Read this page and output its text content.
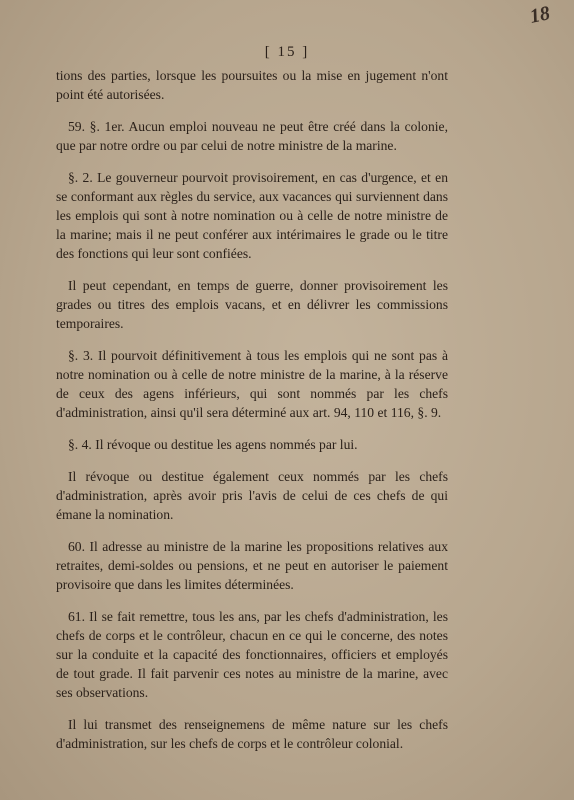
18
[ 15 ]

tions des parties, lorsque les poursuites ou la mise en jugement n'ont point été autorisées.

59. §. 1er. Aucun emploi nouveau ne peut être créé dans la colonie, que par notre ordre ou par celui de notre ministre de la marine.

§. 2. Le gouverneur pourvoit provisoirement, en cas d'urgence, et en se conformant aux règles du service, aux vacances qui surviennent dans les emplois qui sont à notre nomination ou à celle de notre ministre de la marine; mais il ne peut conférer aux intérimaires le grade ou le titre des fonctions qui leur sont confiées.

Il peut cependant, en temps de guerre, donner provisoirement les grades ou titres des emplois vacans, et en délivrer les commissions temporaires.

§. 3. Il pourvoit définitivement à tous les emplois qui ne sont pas à notre nomination ou à celle de notre ministre de la marine, à la réserve de ceux des agens inférieurs, qui sont nommés par les chefs d'administration, ainsi qu'il sera déterminé aux art. 94, 110 et 116, §. 9.

§. 4. Il révoque ou destitue les agens nommés par lui.

Il révoque ou destitue également ceux nommés par les chefs d'administration, après avoir pris l'avis de celui de ces chefs de qui émane la nomination.

60. Il adresse au ministre de la marine les propositions relatives aux retraites, demi-soldes ou pensions, et ne peut en autoriser le paiement provisoire que dans les limites déterminées.

61. Il se fait remettre, tous les ans, par les chefs d'administration, les chefs de corps et le contrôleur, chacun en ce qui le concerne, des notes sur la conduite et la capacité des fonctionnaires, officiers et employés de tout grade. Il fait parvenir ces notes au ministre de la marine, avec ses observations.

Il lui transmet des renseignemens de même nature sur les chefs d'administration, sur les chefs de corps et le contrôleur colonial.
